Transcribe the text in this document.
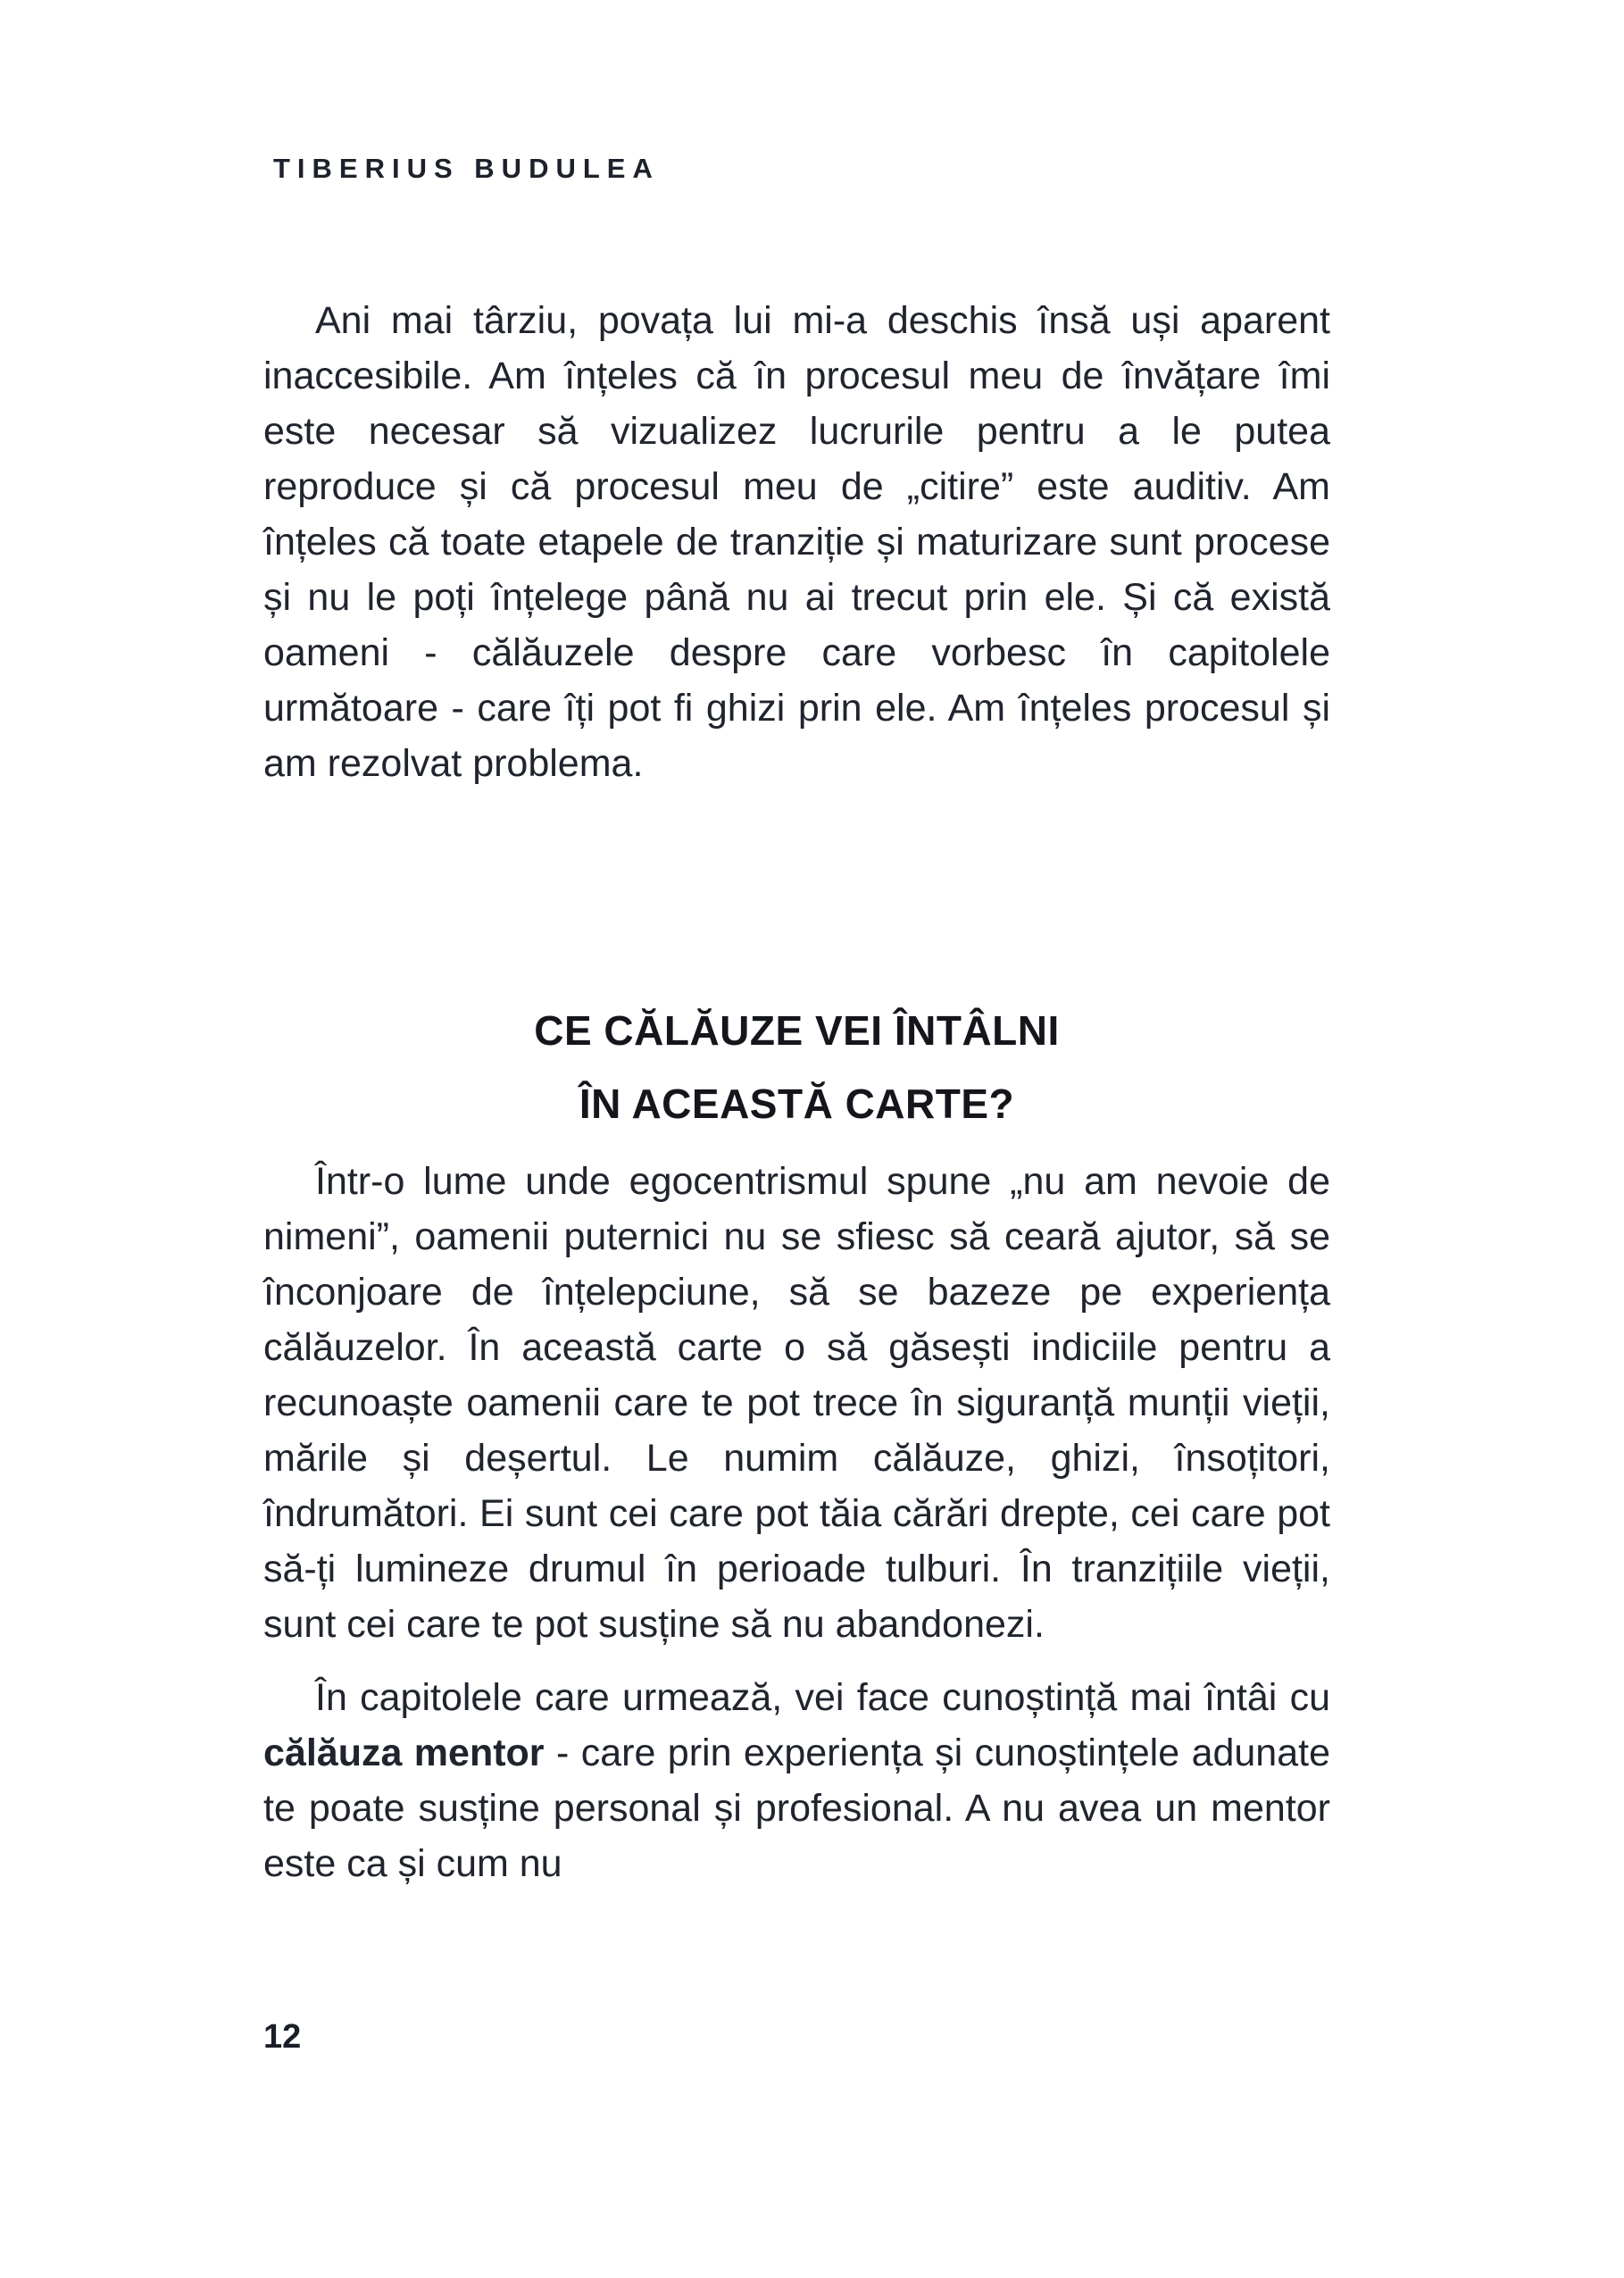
TIBERIUS BUDULEA

Ani mai târziu, povața lui mi-a deschis însă uși aparent inaccesibile. Am înțeles că în procesul meu de învățare îmi este necesar să vizualizez lucrurile pentru a le putea reproduce și că procesul meu de „citire” este auditiv. Am înțeles că toate etapele de tranziție și maturizare sunt procese și nu le poți înțelege până nu ai trecut prin ele. Și că există oameni - călăuzele despre care vorbesc în capitolele următoare - care îți pot fi ghizi prin ele. Am înțeles procesul și am rezolvat problema.

CE CĂLĂUZE VEI ÎNTÂLNI
ÎN ACEASTĂ CARTE?

Într-o lume unde egocentrismul spune „nu am nevoie de nimeni”, oamenii puternici nu se sfiesc să ceară ajutor, să se înconjoare de înțelepciune, să se bazeze pe experiența călăuzelor. În această carte o să găsești indiciile pentru a recunoaște oamenii care te pot trece în siguranță munții vieții, mările și deșertul. Le numim călăuze, ghizi, însoțitori, îndrumători. Ei sunt cei care pot tăia cărări drepte, cei care pot să-ți lumineze drumul în perioade tulburi. În tranzițiile vieții, sunt cei care te pot susține să nu abandonezi.

În capitolele care urmează, vei face cunoștință mai întâi cu călăuza mentor - care prin experiența și cunoștințele adunate te poate susține personal și profesional. A nu avea un mentor este ca și cum nu

12
